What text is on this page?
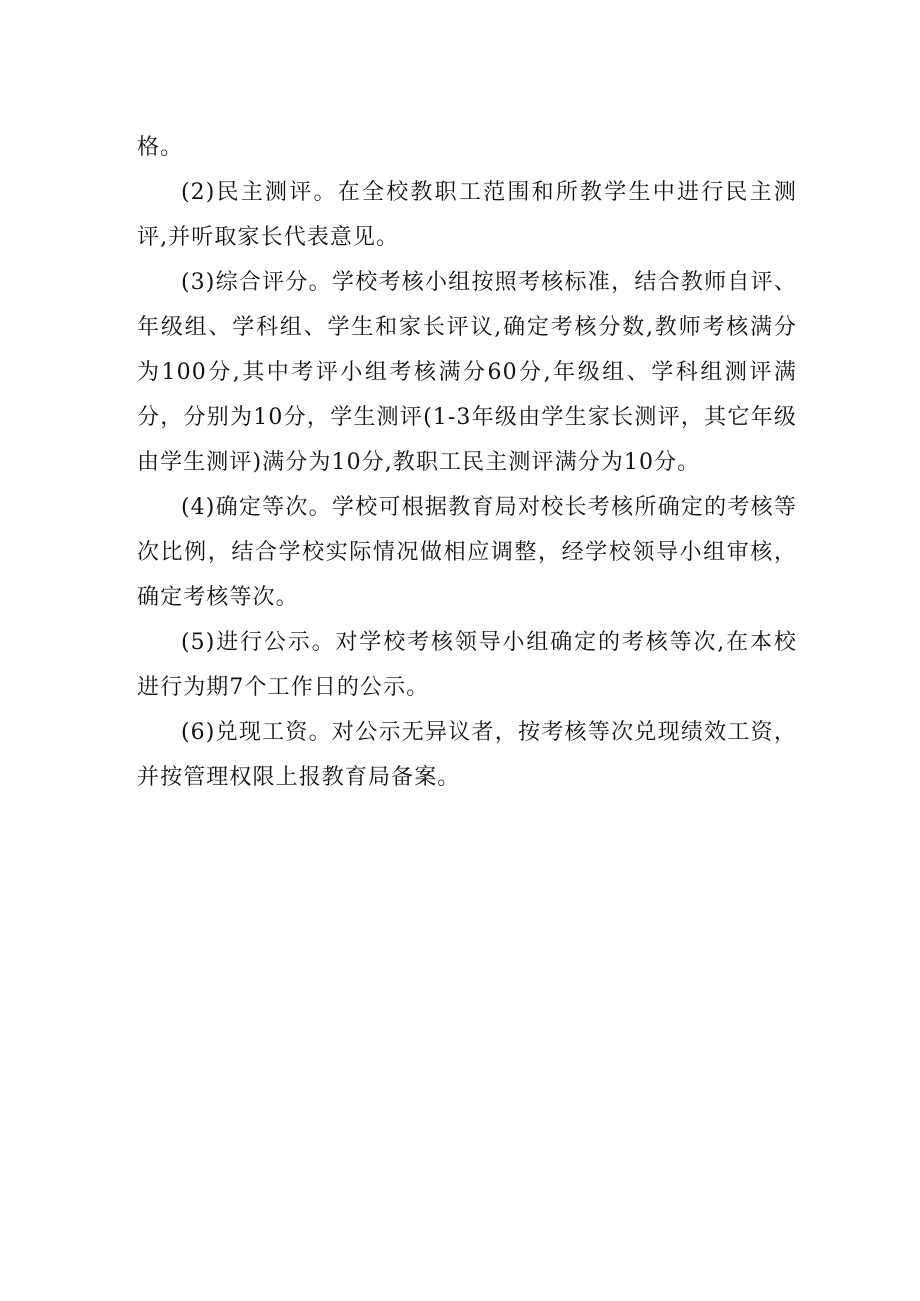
格。

(2)民主测评。在全校教职工范围和所教学生中进行民主测评,并听取家长代表意见。

(3)综合评分。学校考核小组按照考核标准，结合教师自评、年级组、学科组、学生和家长评议,确定考核分数,教师考核满分为100分,其中考评小组考核满分60分,年级组、学科组测评满分，分别为10分，学生测评(1-3年级由学生家长测评，其它年级由学生测评)满分为10分,教职工民主测评满分为10分。

(4)确定等次。学校可根据教育局对校长考核所确定的考核等次比例，结合学校实际情况做相应调整，经学校领导小组审核，确定考核等次。

(5)进行公示。对学校考核领导小组确定的考核等次,在本校进行为期7个工作日的公示。

(6)兑现工资。对公示无异议者，按考核等次兑现绩效工资，并按管理权限上报教育局备案。
